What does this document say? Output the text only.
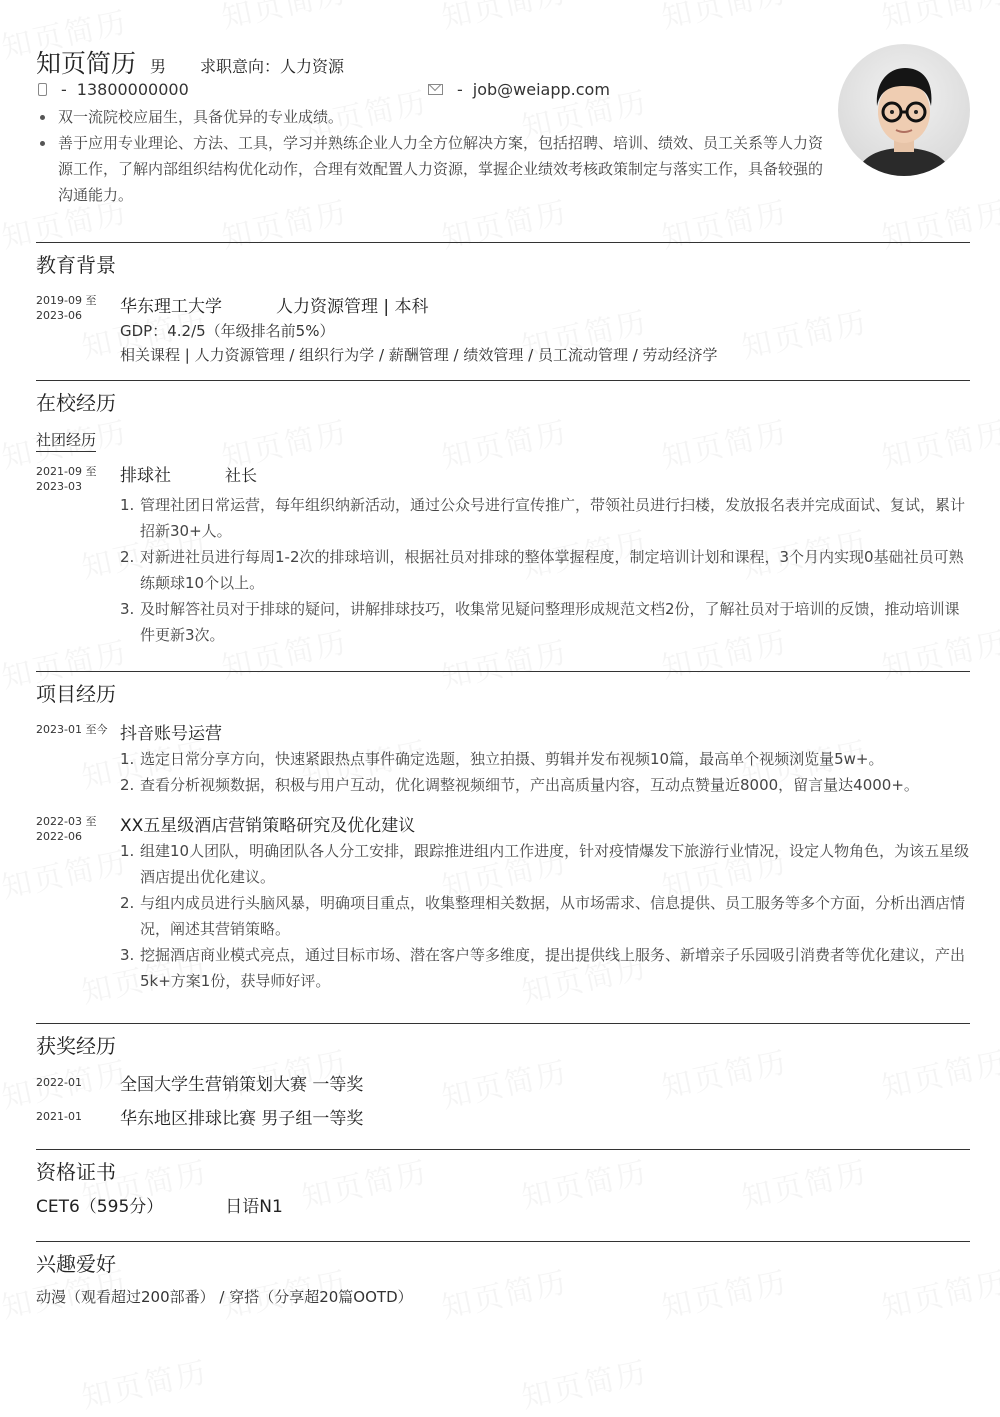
知页简历 男 求职意向：人力资源
- 13800000000	- job@weiapp.com
双一流院校应届生，具备优异的专业成绩。
善于应用专业理论、方法、工具，学习并熟练企业人力全方位解决方案，包括招聘、培训、绩效、员工关系等人力资源工作，了解内部组织结构优化动作，合理有效配置人力资源，掌握企业绩效考核政策制定与落实工作，具备较强的沟通能力。
教育背景
2019-09 至
2023-06	华东理工大学	人力资源管理 | 本科
GDP：4.2/5（年级排名前5%）
相关课程 | 人力资源管理 / 组织行为学 / 薪酬管理 / 绩效管理 / 员工流动管理 / 劳动经济学
在校经历
社团经历
2021-09 至
2023-03
排球社	社长
管理社团日常运营，每年组织纳新活动，通过公众号进行宣传推广，带领社员进行扫楼，发放报名表并完成面试、复试，累计招新30+人。
对新进社员进行每周1-2次的排球培训，根据社员对排球的整体掌握程度，制定培训计划和课程，3个月内实现0基础社员可熟练颠球10个以上。
及时解答社员对于排球的疑问，讲解排球技巧，收集常见疑问整理形成规范文档2份，了解社员对于培训的反馈，推动培训课件更新3次。
项目经历
2023-01 至今 抖音账号运营
选定日常分享方向，快速紧跟热点事件确定选题，独立拍摄、剪辑并发布视频10篇，最高单个视频浏览量5w+。
查看分析视频数据，积极与用户互动，优化调整视频细节，产出高质量内容，互动点赞量近8000，留言量达4000+。
2022-03 至
2022-06
XX五星级酒店营销策略研究及优化建议
组建10人团队，明确团队各人分工安排，跟踪推进组内工作进度，针对疫情爆发下旅游行业情况，设定人物角色，为该五星级酒店提出优化建议。
与组内成员进行头脑风暴，明确项目重点，收集整理相关数据，从市场需求、信息提供、员工服务等多个方面，分析出酒店情况，阐述其营销策略。
挖掘酒店商业模式亮点，通过目标市场、潜在客户等多维度，提出提供线上服务、新增亲子乐园吸引消费者等优化建议，产出5k+方案1份，获导师好评。
获奖经历
2022-01	全国大学生营销策划大赛 一等奖
2021-01	华东地区排球比赛 男子组一等奖
资格证书
CET6（595分）	日语N1
兴趣爱好
动漫（观看超过200部番） / 穿搭（分享超20篇OOTD）
